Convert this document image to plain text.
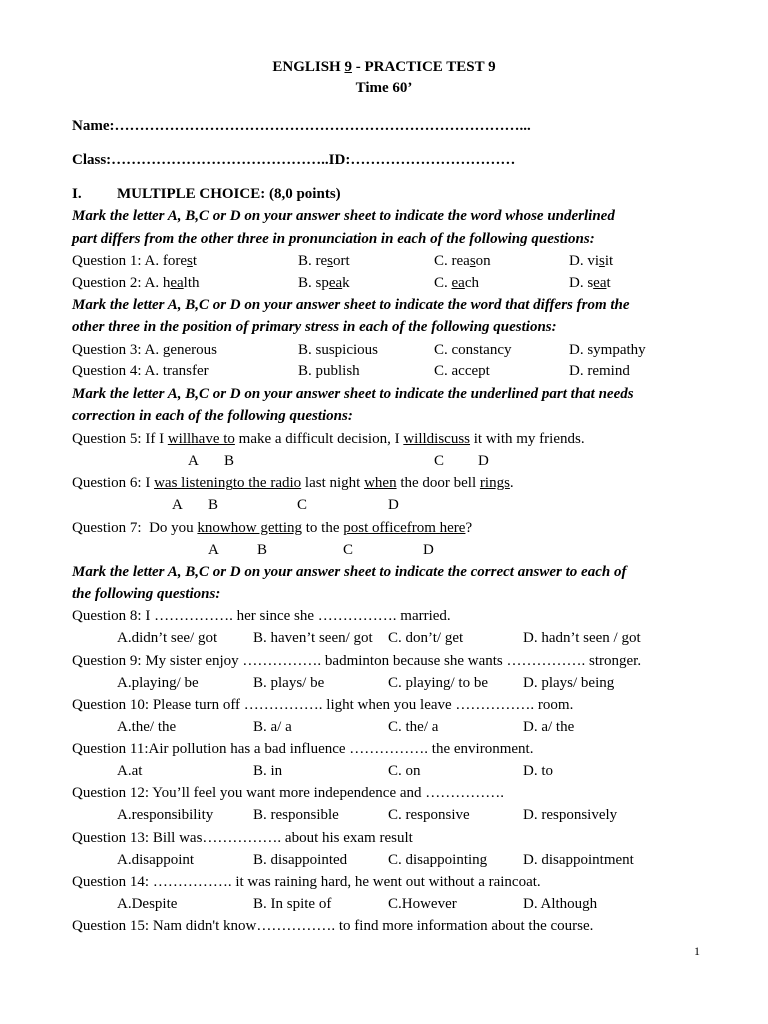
ENGLISH 9 - PRACTICE TEST 9
Time 60’
Name:………………………………………………………………………...
Class:……………………………………..ID:……………………………
I. MULTIPLE CHOICE: (8,0 points)
Mark the letter A, B,C or D on your answer sheet to indicate the word whose underlined
part differs from the other three in pronunciation in each of the following questions:
Question 1: A. forest	B. resort	C. reason	D. visit
Question 2: A. health	B. speak	C. each	D. seat
Mark the letter A, B,C or D on your answer sheet to indicate the word that differs from the
other three in the position of primary stress in each of the following questions:
Question 3: A. generous	B. suspicious	C. constancy	D. sympathy
Question 4: A. transfer	B. publish	C. accept	D. remind
Mark the letter A, B,C or D on your answer sheet to indicate the underlined part that needs
correction in each of the following questions:
Question 5: If I willhave to make a difficult decision, I willdiscuss it with my friends.
A B	C D
Question 6: I was listeningto the radio last night when the door bell rings.
A B	C	D
Question 7:  Do you knowhow getting to the post officefrom here?
A	B	C	D
Mark the letter A, B,C or D on your answer sheet to indicate the correct answer to each of
the following questions:
Question 8: I ……………. her since she ……………. married.
A.didn’t see/ got B. haven’t seen/ got C. don’t/ get	D. hadn’t seen / got
Question 9: My sister enjoy ……………. badminton because she wants ……………. stronger.
A.playing/ be	B. plays/ be	C. playing/ to be D. plays/ being
Question 10: Please turn off ……………. light when you leave ……………. room.
A.the/ the	B. a/ a	C. the/ a	D. a/ the
Question 11:Air pollution has a bad influence ……………. the environment.
A.at	B. in	C. on	D. to
Question 12: You’ll feel you want more independence and …………….
A.responsibility	B. responsible	C. responsive	D. responsively
Question 13: Bill was……………. about his exam result
A.disappoint	B. disappointed	C. disappointing D. disappointment
Question 14: ……………. it was raining hard, he went out without a raincoat.
A.Despite	B. In spite of	C.However	D. Although
Question 15: Nam didn't know……………. to find more information about the course.
1
